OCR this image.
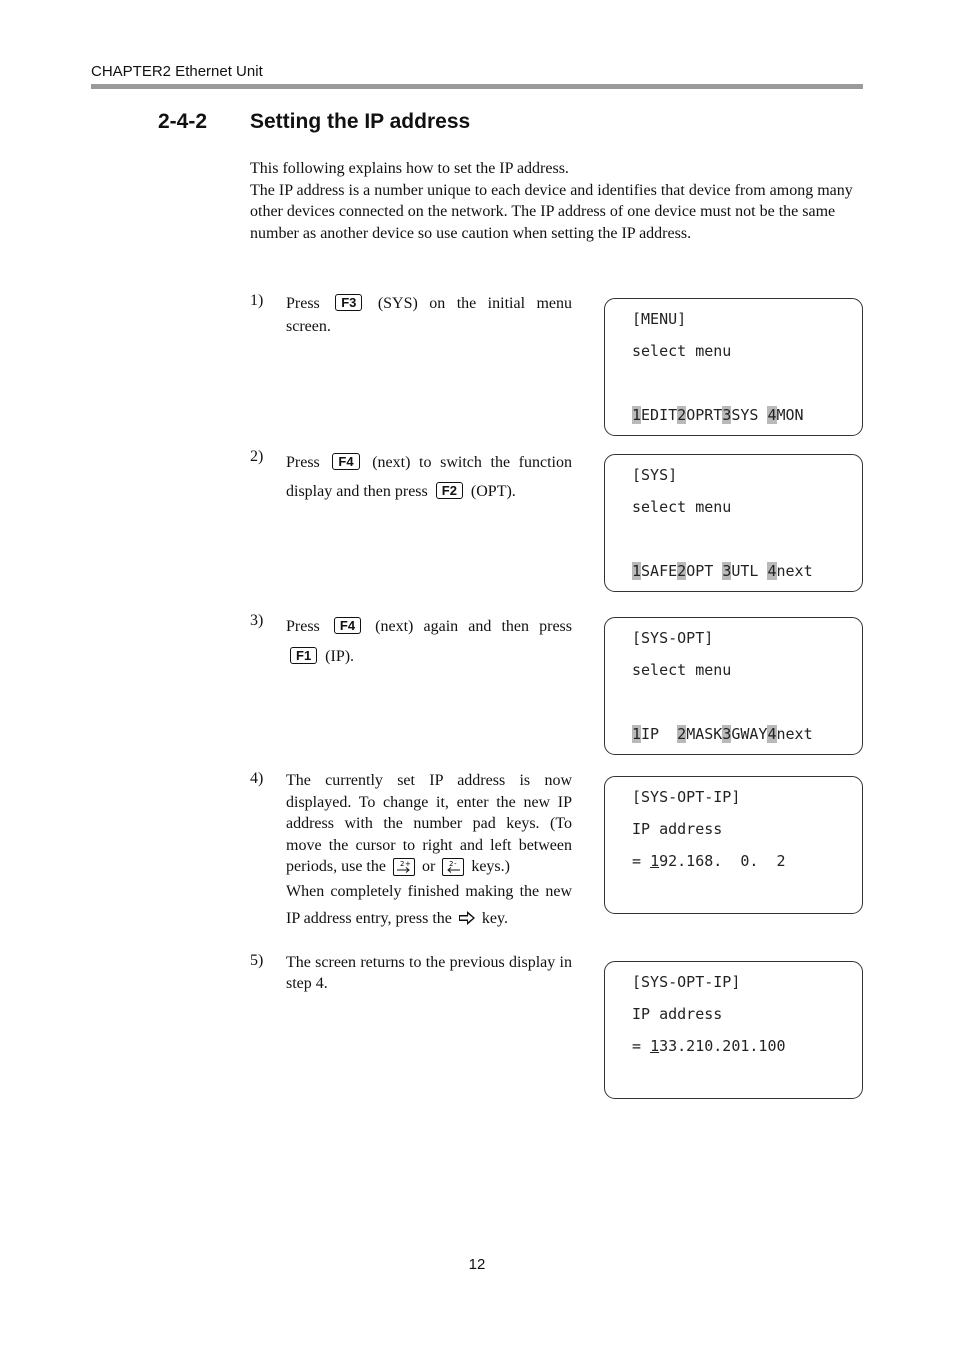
CHAPTER2 Ethernet Unit
2-4-2 Setting the IP address

This following explains how to set the IP address.

The IP address is a number unique to each device and identifies that device from among many other devices connected on the network. The IP address of one device must not be the same number as another device so use caution when setting the IP address.

1) Press F3 (SYS) on the initial menu screen.
2) Press F4 (next) to switch the function display and then press F2 (OPT).
3) Press F4 (next) again and then press F1 (IP).
4) The currently set IP address is now displayed. To change it, enter the new IP address with the number pad keys. (To move the cursor to right and left between periods, use the 2 + or 2 - keys.)
When completely finished making the new IP address entry, press the key.
5) The screen returns to the previous display in step 4.
[MENU]
select menu
1EDIT2OPRT3SYS 4MON
[SYS]
select menu
1SAFE2OPT 3UTL 4next
[SYS-OPT]
select menu
1IP  2MASK3GWAY4next
[SYS-OPT-IP]
IP address
= 192.168.  0.  2
[SYS-OPT-IP]
IP address
= 133.210.201.100
12
